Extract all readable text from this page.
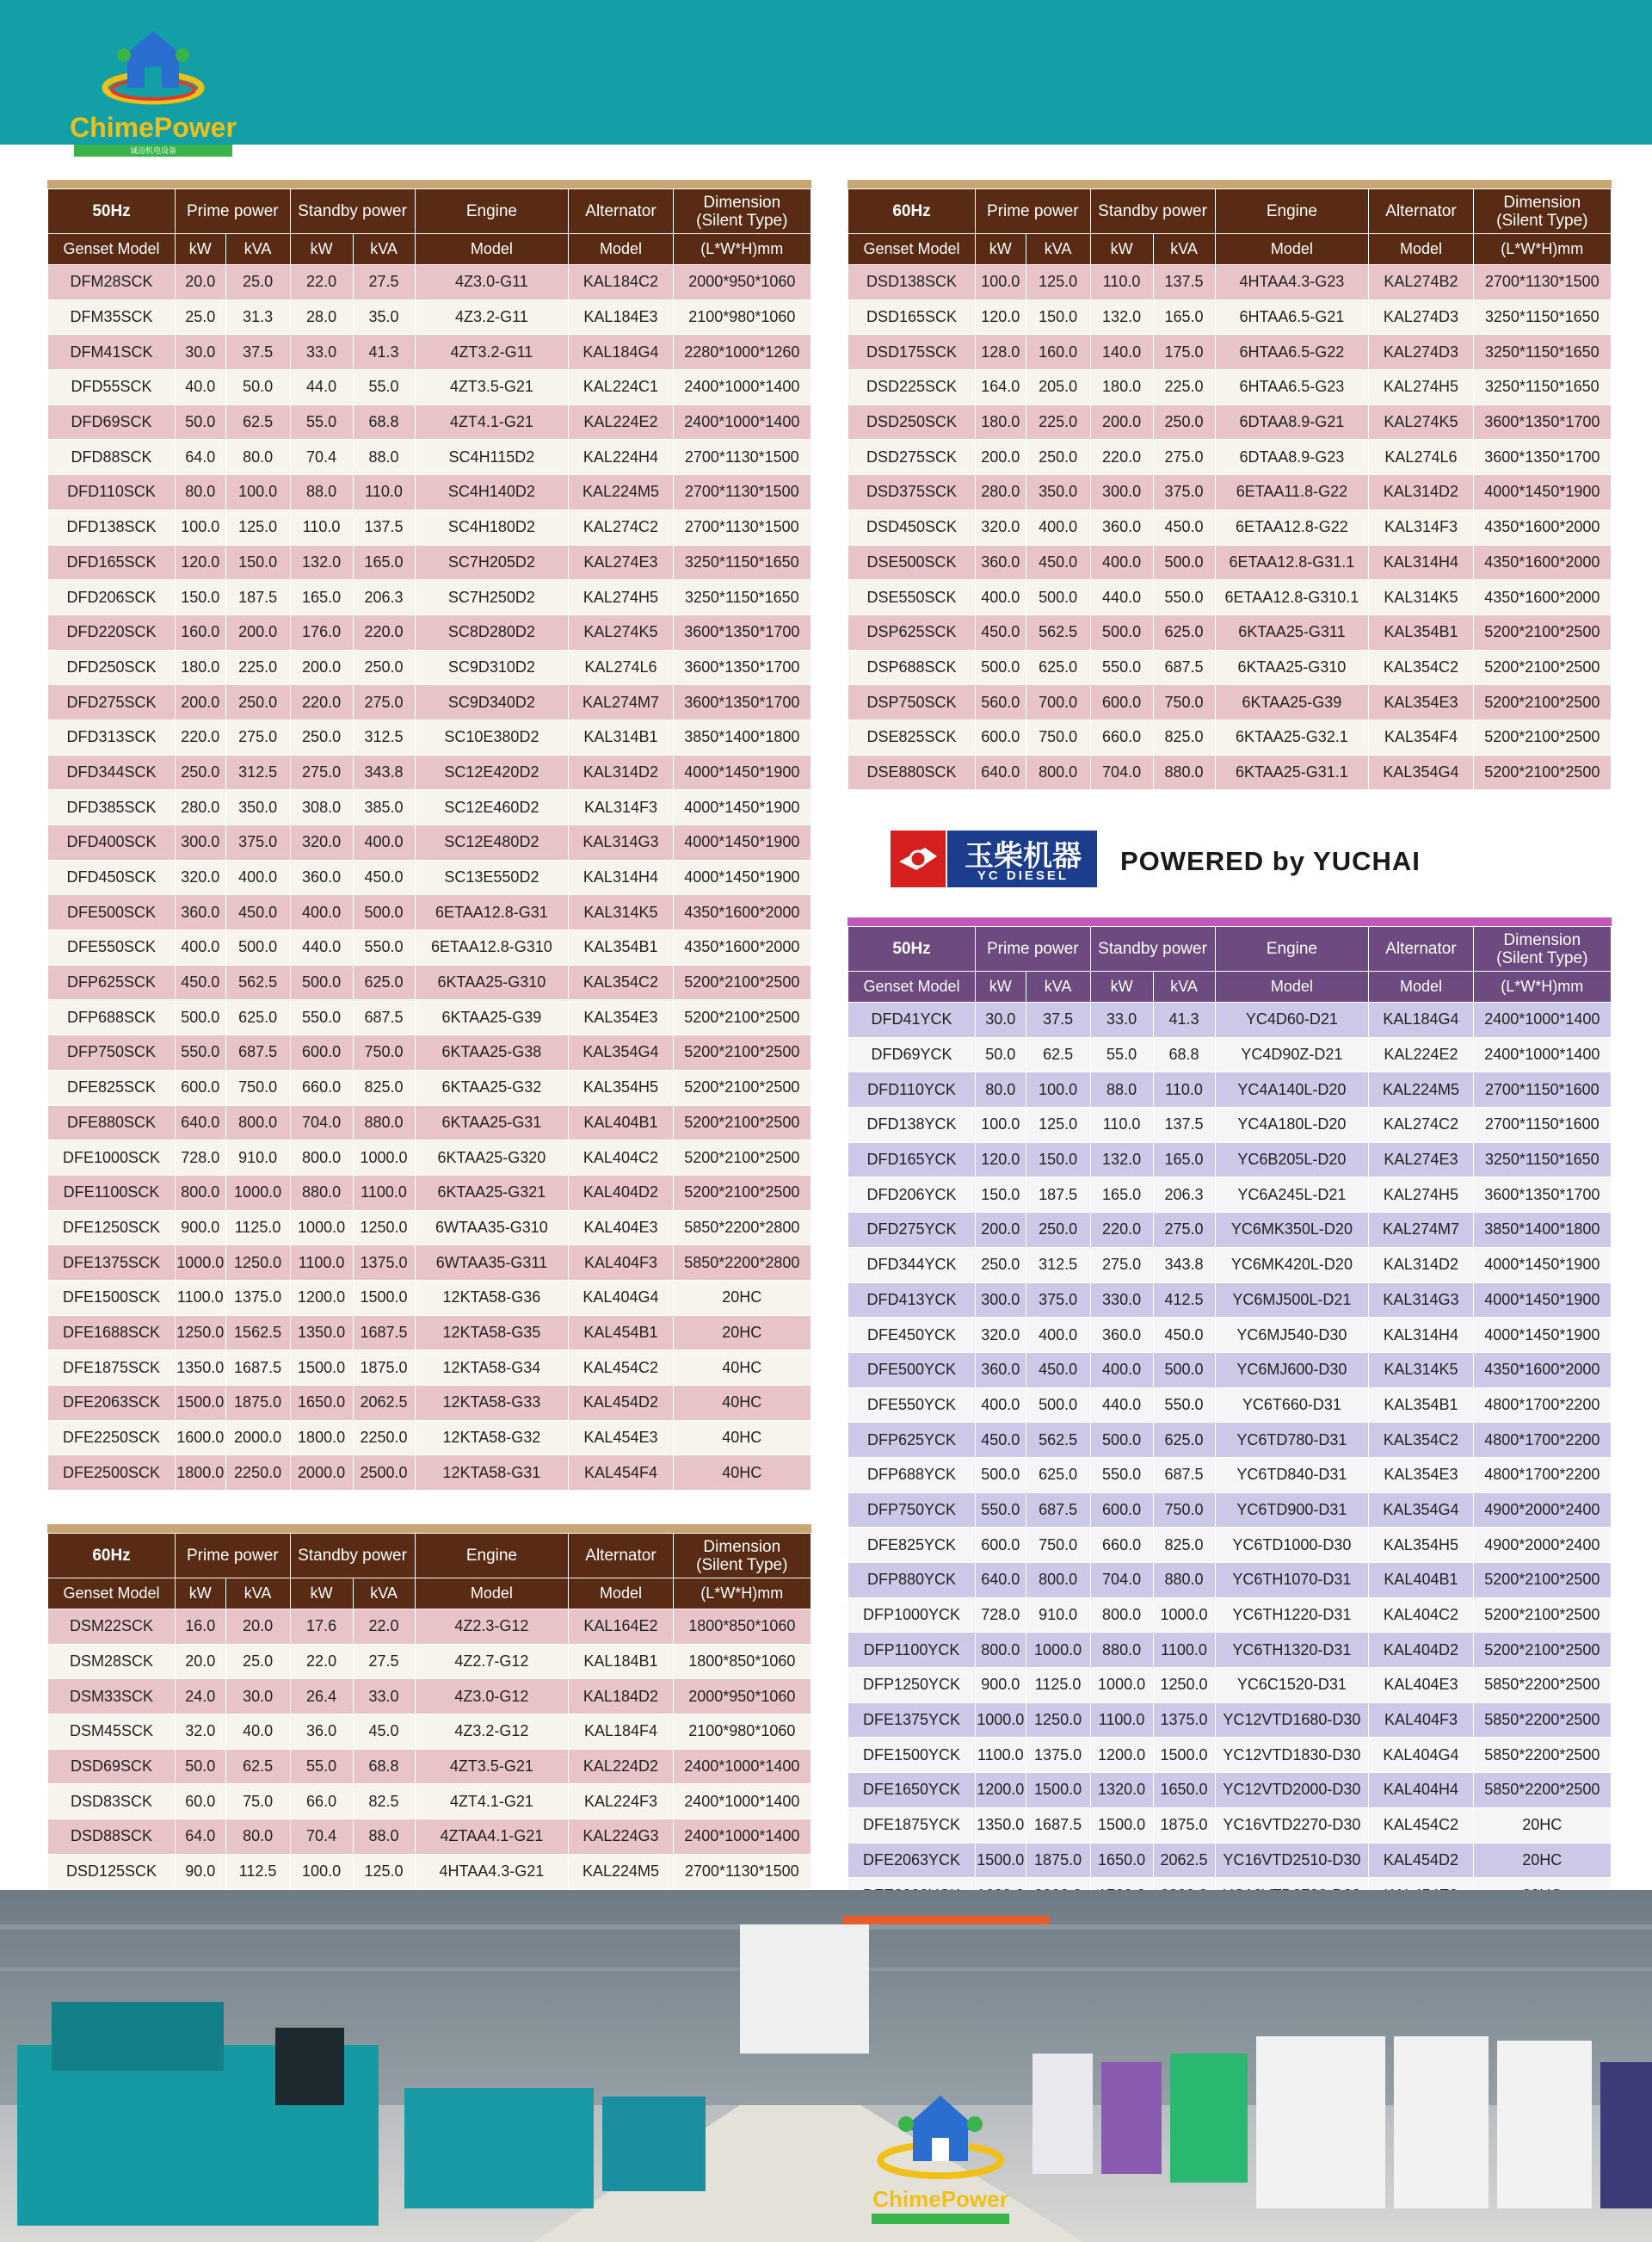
ChimePower
诚迈机电设备
50Hz	Prime power		Standby power		Engine	Alternator	Dimension
(Silent Type)

Genset Model	kW	kVA	kW	kVA	Model	Model	(L*W*H)mm
DFM28SCK	20.0	25.0	22.0	27.5	4Z3.0-G11	KAL184C2	2000*950*1060
DFM35SCK	25.0	31.3	28.0	35.0	4Z3.2-G11	KAL184E3	2100*980*1060
DFM41SCK	30.0	37.5	33.0	41.3	4ZT3.2-G11	KAL184G4	2280*1000*1260
DFD55SCK	40.0	50.0	44.0	55.0	4ZT3.5-G21	KAL224C1	2400*1000*1400
DFD69SCK	50.0	62.5	55.0	68.8	4ZT4.1-G21	KAL224E2	2400*1000*1400
DFD88SCK	64.0	80.0	70.4	88.0	SC4H115D2	KAL224H4	2700*1130*1500
DFD110SCK	80.0	100.0	88.0	110.0	SC4H140D2	KAL224M5	2700*1130*1500
DFD138SCK	100.0	125.0	110.0	137.5	SC4H180D2	KAL274C2	2700*1130*1500
DFD165SCK	120.0	150.0	132.0	165.0	SC7H205D2	KAL274E3	3250*1150*1650
DFD206SCK	150.0	187.5	165.0	206.3	SC7H250D2	KAL274H5	3250*1150*1650
DFD220SCK	160.0	200.0	176.0	220.0	SC8D280D2	KAL274K5	3600*1350*1700
DFD250SCK	180.0	225.0	200.0	250.0	SC9D310D2	KAL274L6	3600*1350*1700
DFD275SCK	200.0	250.0	220.0	275.0	SC9D340D2	KAL274M7	3600*1350*1700
DFD313SCK	220.0	275.0	250.0	312.5	SC10E380D2	KAL314B1	3850*1400*1800
DFD344SCK	250.0	312.5	275.0	343.8	SC12E420D2	KAL314D2	4000*1450*1900
DFD385SCK	280.0	350.0	308.0	385.0	SC12E460D2	KAL314F3	4000*1450*1900
DFD400SCK	300.0	375.0	320.0	400.0	SC12E480D2	KAL314G3	4000*1450*1900
DFD450SCK	320.0	400.0	360.0	450.0	SC13E550D2	KAL314H4	4000*1450*1900
DFE500SCK	360.0	450.0	400.0	500.0	6ETAA12.8-G31	KAL314K5	4350*1600*2000
DFE550SCK	400.0	500.0	440.0	550.0	6ETAA12.8-G310	KAL354B1	4350*1600*2000
DFP625SCK	450.0	562.5	500.0	625.0	6KTAA25-G310	KAL354C2	5200*2100*2500
DFP688SCK	500.0	625.0	550.0	687.5	6KTAA25-G39	KAL354E3	5200*2100*2500
DFP750SCK	550.0	687.5	600.0	750.0	6KTAA25-G38	KAL354G4	5200*2100*2500
DFE825SCK	600.0	750.0	660.0	825.0	6KTAA25-G32	KAL354H5	5200*2100*2500
DFE880SCK	640.0	800.0	704.0	880.0	6KTAA25-G31	KAL404B1	5200*2100*2500
DFE1000SCK	728.0	910.0	800.0	1000.0	6KTAA25-G320	KAL404C2	5200*2100*2500
DFE1100SCK	800.0	1000.0	880.0	1100.0	6KTAA25-G321	KAL404D2	5200*2100*2500
DFE1250SCK	900.0	1125.0	1000.0	1250.0	6WTAA35-G310	KAL404E3	5850*2200*2800
DFE1375SCK	1000.0	1250.0	1100.0	1375.0	6WTAA35-G311	KAL404F3	5850*2200*2800
DFE1500SCK	1100.0	1375.0	1200.0	1500.0	12KTA58-G36	KAL404G4	20HC
DFE1688SCK	1250.0	1562.5	1350.0	1687.5	12KTA58-G35	KAL454B1	20HC
DFE1875SCK	1350.0	1687.5	1500.0	1875.0	12KTA58-G34	KAL454C2	40HC
DFE2063SCK	1500.0	1875.0	1650.0	2062.5	12KTA58-G33	KAL454D2	40HC
DFE2250SCK	1600.0	2000.0	1800.0	2250.0	12KTA58-G32	KAL454E3	40HC
DFE2500SCK	1800.0	2250.0	2000.0	2500.0	12KTA58-G31	KAL454F4	40HC
60Hz	Prime power		Standby power		Engine	Alternator	Dimension
(Silent Type)

Genset Model	kW	kVA	kW	kVA	Model	Model	(L*W*H)mm
DSD138SCK	100.0	125.0	110.0	137.5	4HTAA4.3-G23	KAL274B2	2700*1130*1500
DSD165SCK	120.0	150.0	132.0	165.0	6HTAA6.5-G21	KAL274D3	3250*1150*1650
DSD175SCK	128.0	160.0	140.0	175.0	6HTAA6.5-G22	KAL274D3	3250*1150*1650
DSD225SCK	164.0	205.0	180.0	225.0	6HTAA6.5-G23	KAL274H5	3250*1150*1650
DSD250SCK	180.0	225.0	200.0	250.0	6DTAA8.9-G21	KAL274K5	3600*1350*1700
DSD275SCK	200.0	250.0	220.0	275.0	6DTAA8.9-G23	KAL274L6	3600*1350*1700
DSD375SCK	280.0	350.0	300.0	375.0	6ETAA11.8-G22	KAL314D2	4000*1450*1900
DSD450SCK	320.0	400.0	360.0	450.0	6ETAA12.8-G22	KAL314F3	4350*1600*2000
DSE500SCK	360.0	450.0	400.0	500.0	6ETAA12.8-G31.1	KAL314H4	4350*1600*2000
DSE550SCK	400.0	500.0	440.0	550.0	6ETAA12.8-G310.1	KAL314K5	4350*1600*2000
DSP625SCK	450.0	562.5	500.0	625.0	6KTAA25-G311	KAL354B1	5200*2100*2500
DSP688SCK	500.0	625.0	550.0	687.5	6KTAA25-G310	KAL354C2	5200*2100*2500
DSP750SCK	560.0	700.0	600.0	750.0	6KTAA25-G39	KAL354E3	5200*2100*2500
DSE825SCK	600.0	750.0	660.0	825.0	6KTAA25-G32.1	KAL354F4	5200*2100*2500
DSE880SCK	640.0	800.0	704.0	880.0	6KTAA25-G31.1	KAL354G4	5200*2100*2500
60Hz	Prime power		Standby power		Engine	Alternator	Dimension
(Silent Type)

Genset Model	kW	kVA	kW	kVA	Model	Model	(L*W*H)mm
DSM22SCK	16.0	20.0	17.6	22.0	4Z2.3-G12	KAL164E2	1800*850*1060
DSM28SCK	20.0	25.0	22.0	27.5	4Z2.7-G12	KAL184B1	1800*850*1060
DSM33SCK	24.0	30.0	26.4	33.0	4Z3.0-G12	KAL184D2	2000*950*1060
DSM45SCK	32.0	40.0	36.0	45.0	4Z3.2-G12	KAL184F4	2100*980*1060
DSD69SCK	50.0	62.5	55.0	68.8	4ZT3.5-G21	KAL224D2	2400*1000*1400
DSD83SCK	60.0	75.0	66.0	82.5	4ZT4.1-G21	KAL224F3	2400*1000*1400
DSD88SCK	64.0	80.0	70.4	88.0	4ZTAA4.1-G21	KAL224G3	2400*1000*1400
DSD125SCK	90.0	112.5	100.0	125.0	4HTAA4.3-G21	KAL224M5	2700*1130*1500
玉柴机器
YC DIESEL	POWERED by YUCHAI
50Hz	Prime power		Standby power		Engine	Alternator	Dimension
(Silent Type)

Genset Model	kW	kVA	kW	kVA	Model	Model	(L*W*H)mm
DFD41YCK	30.0	37.5	33.0	41.3	YC4D60-D21	KAL184G4	2400*1000*1400
DFD69YCK	50.0	62.5	55.0	68.8	YC4D90Z-D21	KAL224E2	2400*1000*1400
DFD110YCK	80.0	100.0	88.0	110.0	YC4A140L-D20	KAL224M5	2700*1150*1600
DFD138YCK	100.0	125.0	110.0	137.5	YC4A180L-D20	KAL274C2	2700*1150*1600
DFD165YCK	120.0	150.0	132.0	165.0	YC6B205L-D20	KAL274E3	3250*1150*1650
DFD206YCK	150.0	187.5	165.0	206.3	YC6A245L-D21	KAL274H5	3600*1350*1700
DFD275YCK	200.0	250.0	220.0	275.0	YC6MK350L-D20	KAL274M7	3850*1400*1800
DFD344YCK	250.0	312.5	275.0	343.8	YC6MK420L-D20	KAL314D2	4000*1450*1900
DFD413YCK	300.0	375.0	330.0	412.5	YC6MJ500L-D21	KAL314G3	4000*1450*1900
DFE450YCK	320.0	400.0	360.0	450.0	YC6MJ540-D30	KAL314H4	4000*1450*1900
DFE500YCK	360.0	450.0	400.0	500.0	YC6MJ600-D30	KAL314K5	4350*1600*2000
DFE550YCK	400.0	500.0	440.0	550.0	YC6T660-D31	KAL354B1	4800*1700*2200
DFP625YCK	450.0	562.5	500.0	625.0	YC6TD780-D31	KAL354C2	4800*1700*2200
DFP688YCK	500.0	625.0	550.0	687.5	YC6TD840-D31	KAL354E3	4800*1700*2200
DFP750YCK	550.0	687.5	600.0	750.0	YC6TD900-D31	KAL354G4	4900*2000*2400
DFE825YCK	600.0	750.0	660.0	825.0	YC6TD1000-D30	KAL354H5	4900*2000*2400
DFP880YCK	640.0	800.0	704.0	880.0	YC6TH1070-D31	KAL404B1	5200*2100*2500
DFP1000YCK	728.0	910.0	800.0	1000.0	YC6TH1220-D31	KAL404C2	5200*2100*2500
DFP1100YCK	800.0	1000.0	880.0	1100.0	YC6TH1320-D31	KAL404D2	5200*2100*2500
DFP1250YCK	900.0	1125.0	1000.0	1250.0	YC6C1520-D31	KAL404E3	5850*2200*2500
DFE1375YCK	1000.0	1250.0	1100.0	1375.0	YC12VTD1680-D30	KAL404F3	5850*2200*2500
DFE1500YCK	1100.0	1375.0	1200.0	1500.0	YC12VTD1830-D30	KAL404G4	5850*2200*2500
DFE1650YCK	1200.0	1500.0	1320.0	1650.0	YC12VTD2000-D30	KAL404H4	5850*2200*2500
DFE1875YCK	1350.0	1687.5	1500.0	1875.0	YC16VTD2270-D30	KAL454C2	20HC
DFE2063YCK	1500.0	1875.0	1650.0	2062.5	YC16VTD2510-D30	KAL454D2	20HC

ChimePower
